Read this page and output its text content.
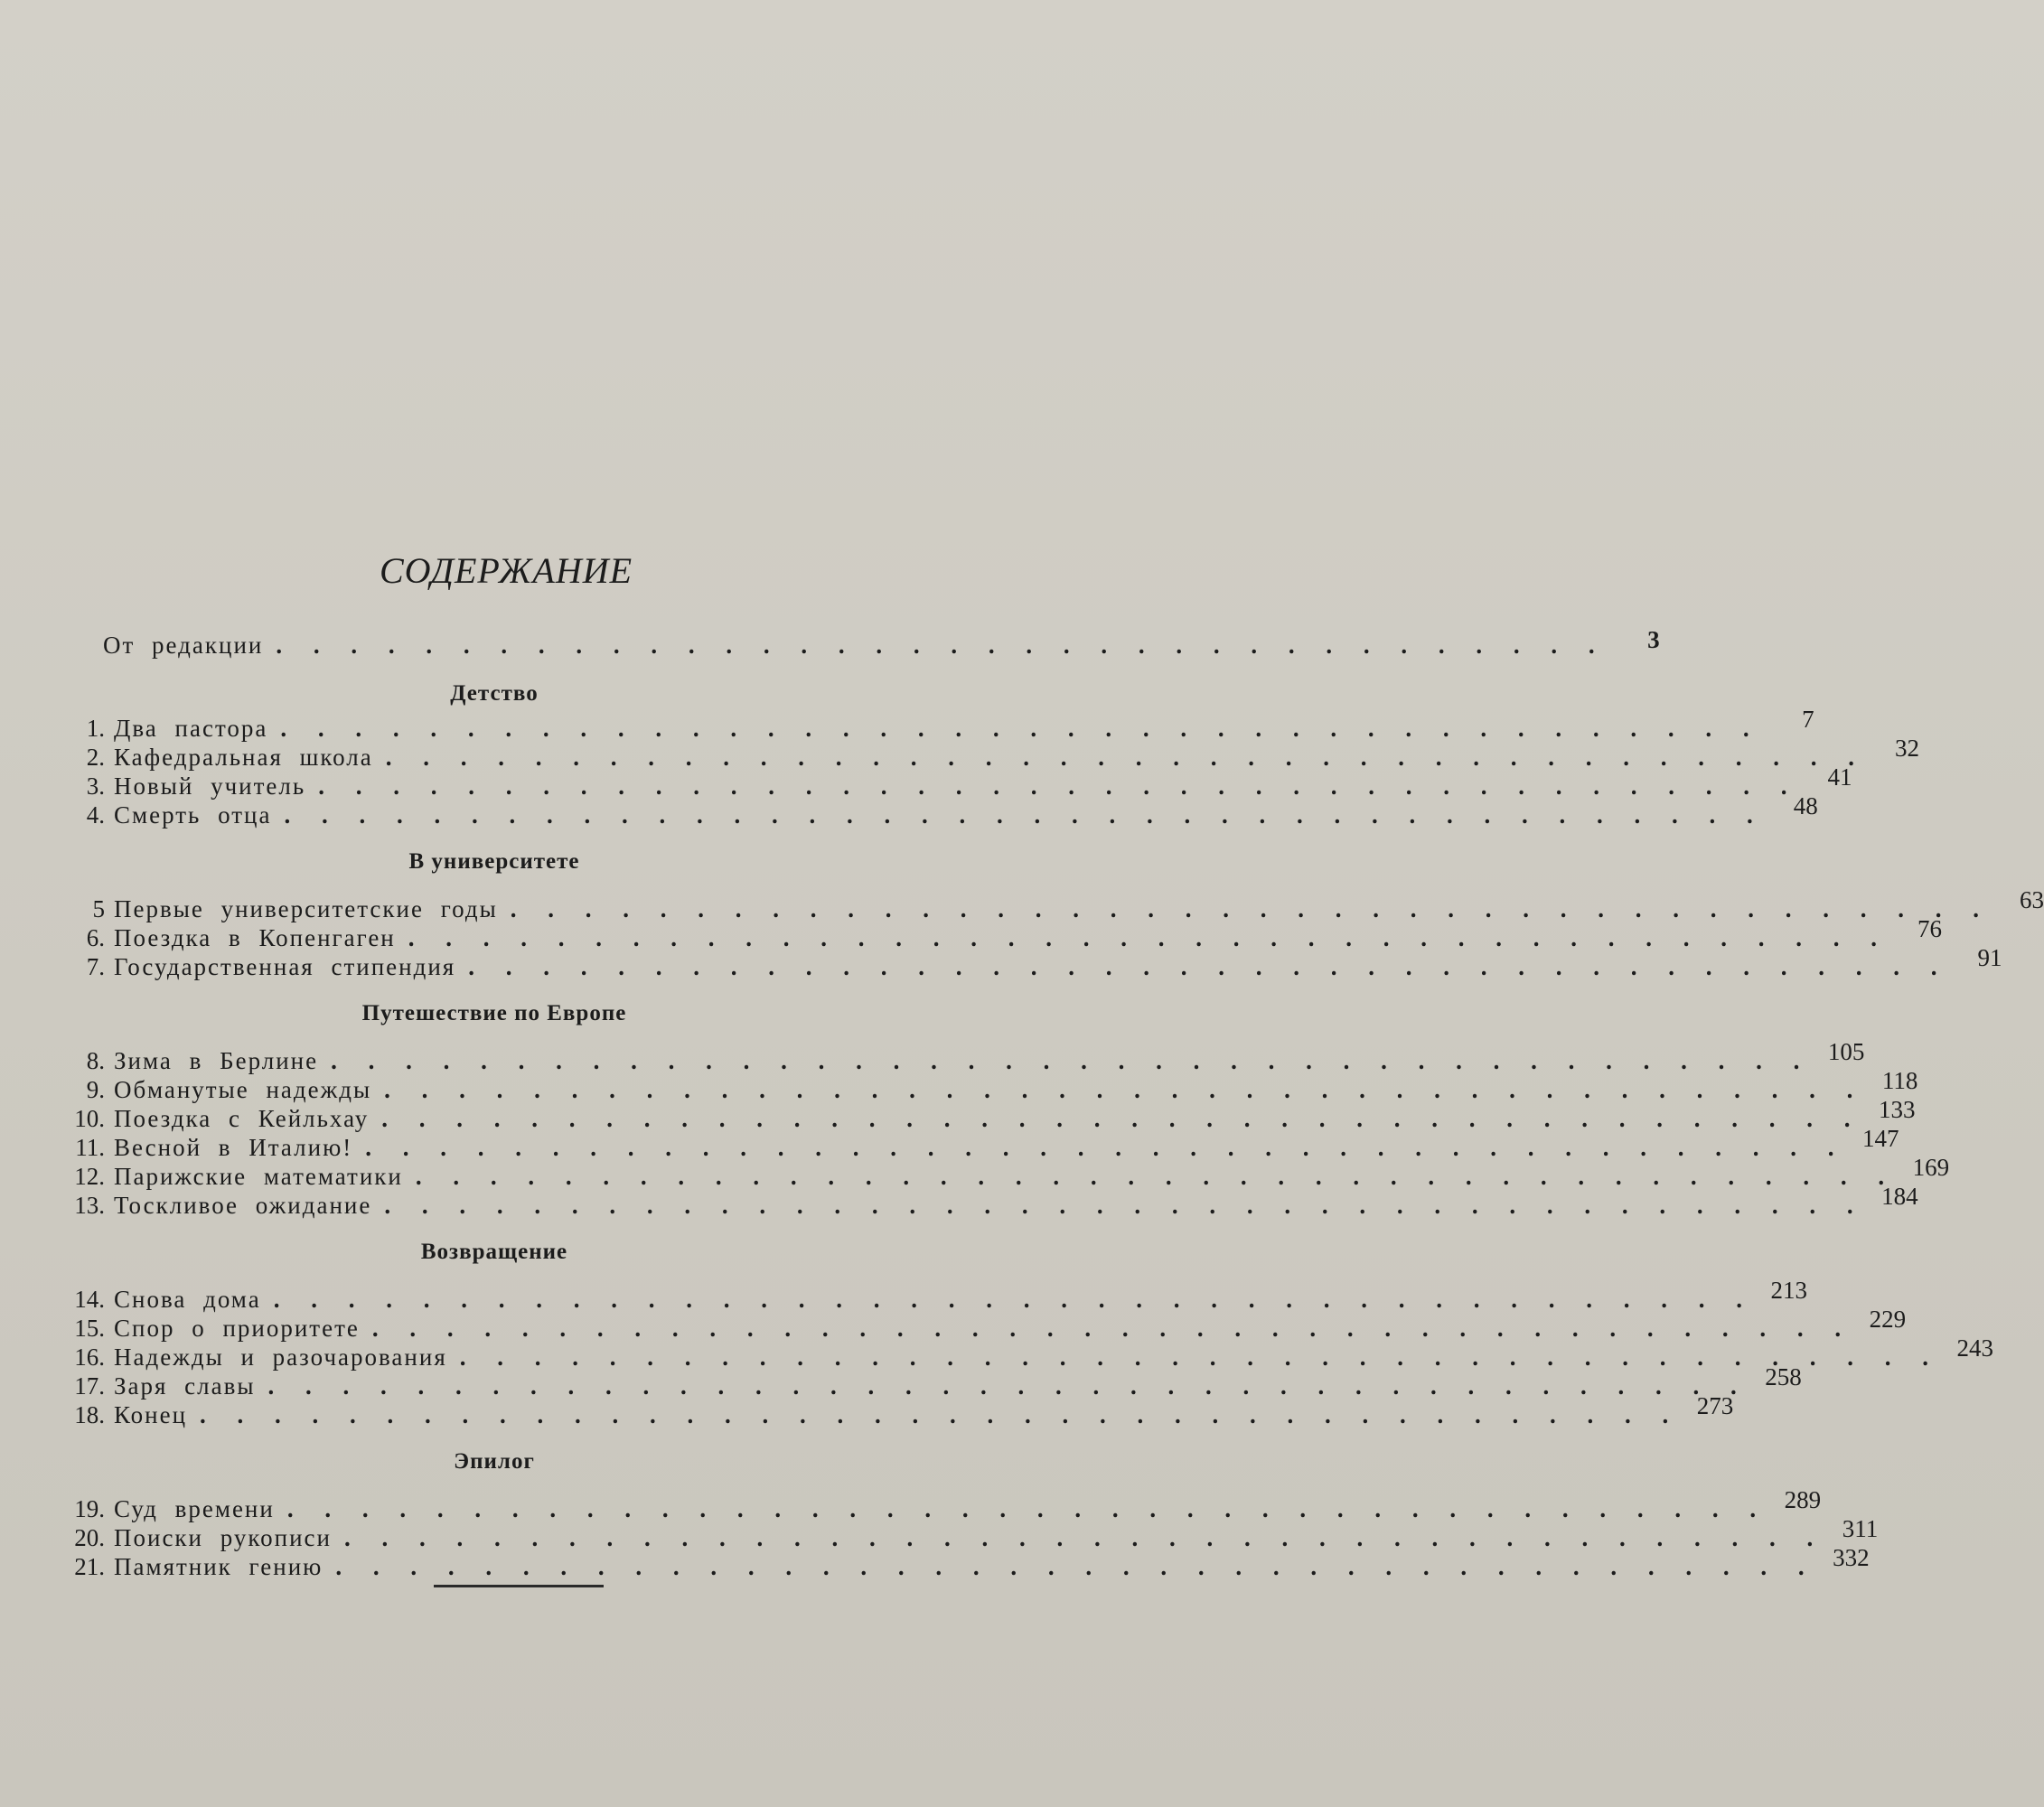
СОДЕРЖАНИЕ
От редакции . . . . . . . . . . . . . . . . . . . . . . . . . . . . . . . . . . . .	3
Детство
1. Два пастора . . . . . . . . . . . . . . . . . . . . . . . . . . . . . . . . . . . . . . . .	7
2. Кафедральная школа . . . . . . . . . . . . . . . . . . . . . . . . . . . . . . . . . . . . . . . .	32
3. Новый учитель . . . . . . . . . . . . . . . . . . . . . . . . . . . . . . . . . . . . . . . .	41
4. Смерть отца . . . . . . . . . . . . . . . . . . . . . . . . . . . . . . . . . . . . . . . .	48
В университете
5 Первые университетские годы . . . . . . . . . . . . . . . . . . . . . . . . . . . . . . . . . . . . . . . .	63
6. Поездка в Копенгаген . . . . . . . . . . . . . . . . . . . . . . . . . . . . . . . . . . . . . . . .	76
7. Государственная стипендия . . . . . . . . . . . . . . . . . . . . . . . . . . . . . . . . . . . . . . . .	91
Путешествие по Европе
8. Зима в Берлине . . . . . . . . . . . . . . . . . . . . . . . . . . . . . . . . . . . . . . . . 105
9. Обманутые надежды . . . . . . . . . . . . . . . . . . . . . . . . . . . . . . . . . . . . . . . . 118
10. Поездка с Кейльхау . . . . . . . . . . . . . . . . . . . . . . . . . . . . . . . . . . . . . . . . 133
11. Весной в Италию! . . . . . . . . . . . . . . . . . . . . . . . . . . . . . . . . . . . . . . . . 147
12. Парижские математики . . . . . . . . . . . . . . . . . . . . . . . . . . . . . . . . . . . . . . . . 169
13. Тоскливое ожидание . . . . . . . . . . . . . . . . . . . . . . . . . . . . . . . . . . . . . . . . 184
Возвращение
14. Снова дома . . . . . . . . . . . . . . . . . . . . . . . . . . . . . . . . . . . . . . . . 213
15. Спор о приоритете . . . . . . . . . . . . . . . . . . . . . . . . . . . . . . . . . . . . . . . . 229
16. Надежды и разочарования . . . . . . . . . . . . . . . . . . . . . . . . . . . . . . . . . . . . . . . . 243
17. Заря славы . . . . . . . . . . . . . . . . . . . . . . . . . . . . . . . . . . . . . . . . 258
18. Конец . . . . . . . . . . . . . . . . . . . . . . . . . . . . . . . . . . . . . . . . 273
Эпилог
19. Суд времени . . . . . . . . . . . . . . . . . . . . . . . . . . . . . . . . . . . . . . . . 289
20. Поиски рукописи . . . . . . . . . . . . . . . . . . . . . . . . . . . . . . . . . . . . . . . . 311
21. Памятник гению . . . . . . . . . . . . . . . . . . . . . . . . . . . . . . . . . . . . . . . . 332
